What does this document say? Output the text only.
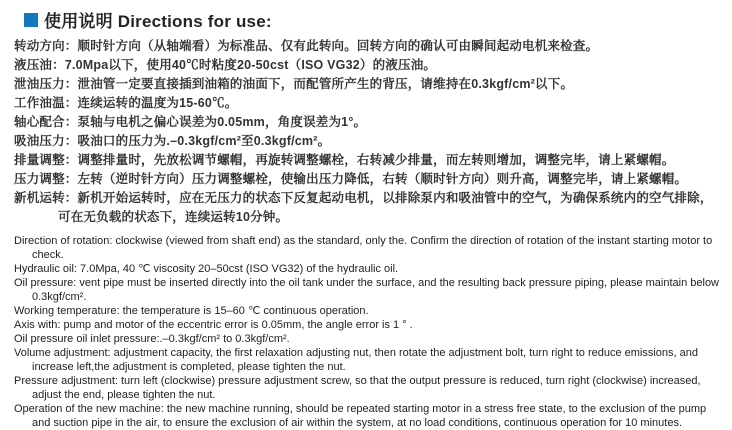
使用说明 Directions for use:
转动方向：顺时针方向（从轴端看）为标准品、仅有此转向。回转方向的确认可由瞬间起动电机来检查。
液压油：7.0Mpa以下，使用40℃时粘度20-50cst（ISO VG32）的液压油。
泄油压力：泄油管一定要直接插到油箱的油面下，而配管所产生的背压，请维持在0.3kgf/cm²以下。
工作油温：连续运转的温度为15-60℃。
轴心配合：泵轴与电机之偏心误差为0.05mm，角度误差为1°。
吸油压力：吸油口的压力为.–0.3kgf/cm²至0.3kgf/cm²。
排量调整：调整排量时，先放松调节螺帽，再旋转调整螺栓，右转减少排量，而左转则增加，调整完毕，请上紧螺帽。
压力调整：左转（逆时针方向）压力调整螺栓，使输出压力降低，右转（顺时针方向）则升高，调整完毕，请上紧螺帽。
新机运转：新机开始运转时，应在无压力的状态下反复起动电机，以排除泵内和吸油管中的空气，为确保系统内的空气排除，可在无负载的状态下，连续运转10分钟。
Direction of rotation: clockwise (viewed from shaft end) as the standard, only the. Confirm the direction of rotation of the instant starting motor to check.
Hydraulic oil: 7.0Mpa, 40 ℃ viscosity 20–50cst (ISO VG32) of the hydraulic oil.
Oil pressure: vent pipe must be inserted directly into the oil tank under the surface, and the resulting back pressure piping, please maintain below 0.3kgf/cm².
Working temperature: the temperature is 15–60 ℃ continuous operation.
Axis with: pump and motor of the eccentric error is 0.05mm, the angle error is 1 ° .
Oil pressure oil inlet pressure:.–0.3kgf/cm² to 0.3kgf/cm².
Volume adjustment: adjustment capacity, the first relaxation adjusting nut, then rotate the adjustment bolt, turn right to reduce emissions, and increase left,the adjustment is completed, please tighten the nut.
Pressure adjustment: turn left (clockwise) pressure adjustment screw, so that the output pressure is reduced, turn right (clockwise) increased, adjust the end, please tighten the nut.
Operation of the new machine: the new machine running, should be repeated starting motor in a stress free state, to the exclusion of the pump and suction pipe in the air, to ensure the exclusion of air within the system, at no load conditions, continuous operation for 10 minutes.
